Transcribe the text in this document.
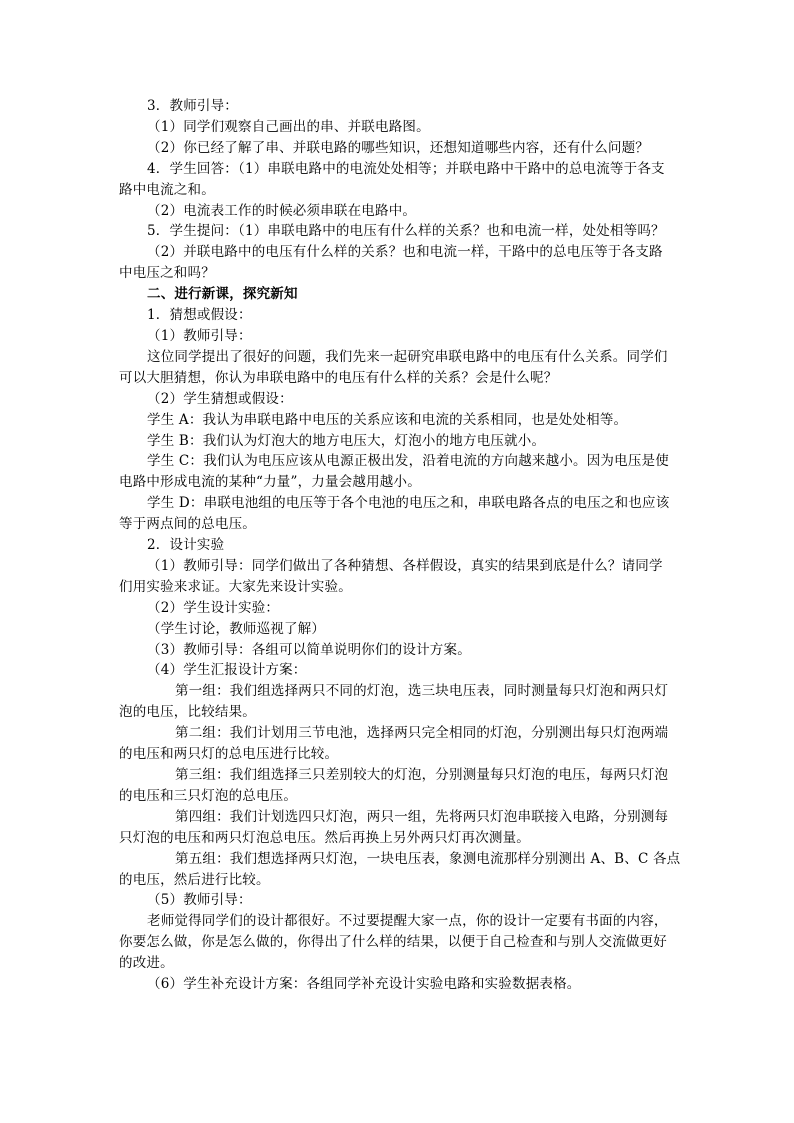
3．教师引导：
（1）同学们观察自己画出的串、并联电路图。
（2）你已经了解了串、并联电路的哪些知识，还想知道哪些内容，还有什么问题？
4．学生回答：（1）串联电路中的电流处处相等；并联电路中干路中的总电流等于各支
路中电流之和。
（2）电流表工作的时候必须串联在电路中。
5．学生提问：（1）串联电路中的电压有什么样的关系？也和电流一样，处处相等吗？
（2）并联电路中的电压有什么样的关系？也和电流一样，干路中的总电压等于各支路
中电压之和吗？
二、进行新课，探究新知
1．猜想或假设：
（1）教师引导：
这位同学提出了很好的问题，我们先来一起研究串联电路中的电压有什么关系。同学们
可以大胆猜想，你认为串联电路中的电压有什么样的关系？会是什么呢？
（2）学生猜想或假设：
学生 A：我认为串联电路中电压的关系应该和电流的关系相同，也是处处相等。
学生 B：我们认为灯泡大的地方电压大，灯泡小的地方电压就小。
学生 C：我们认为电压应该从电源正极出发，沿着电流的方向越来越小。因为电压是使
电路中形成电流的某种“力量”，力量会越用越小。
学生 D：串联电池组的电压等于各个电池的电压之和，串联电路各点的电压之和也应该
等于两点间的总电压。
2．设计实验
（1）教师引导：同学们做出了各种猜想、各样假设，真实的结果到底是什么？请同学
们用实验来求证。大家先来设计实验。
（2）学生设计实验：
（学生讨论，教师巡视了解）
（3）教师引导：各组可以简单说明你们的设计方案。
（4）学生汇报设计方案：
第一组：我们组选择两只不同的灯泡，选三块电压表，同时测量每只灯泡和两只灯
泡的电压，比较结果。
第二组：我们计划用三节电池，选择两只完全相同的灯泡，分别测出每只灯泡两端
的电压和两只灯的总电压进行比较。
第三组：我们组选择三只差别较大的灯泡，分别测量每只灯泡的电压，每两只灯泡
的电压和三只灯泡的总电压。
第四组：我们计划选四只灯泡，两只一组，先将两只灯泡串联接入电路，分别测每
只灯泡的电压和两只灯泡总电压。然后再换上另外两只灯再次测量。
第五组：我们想选择两只灯泡，一块电压表，象测电流那样分别测出 A、B、C 各点
的电压，然后进行比较。
（5）教师引导：
老师觉得同学们的设计都很好。不过要提醒大家一点，你的设计一定要有书面的内容，
你要怎么做，你是怎么做的，你得出了什么样的结果，以便于自己检查和与别人交流做更好
的改进。
（6）学生补充设计方案：各组同学补充设计实验电路和实验数据表格。
